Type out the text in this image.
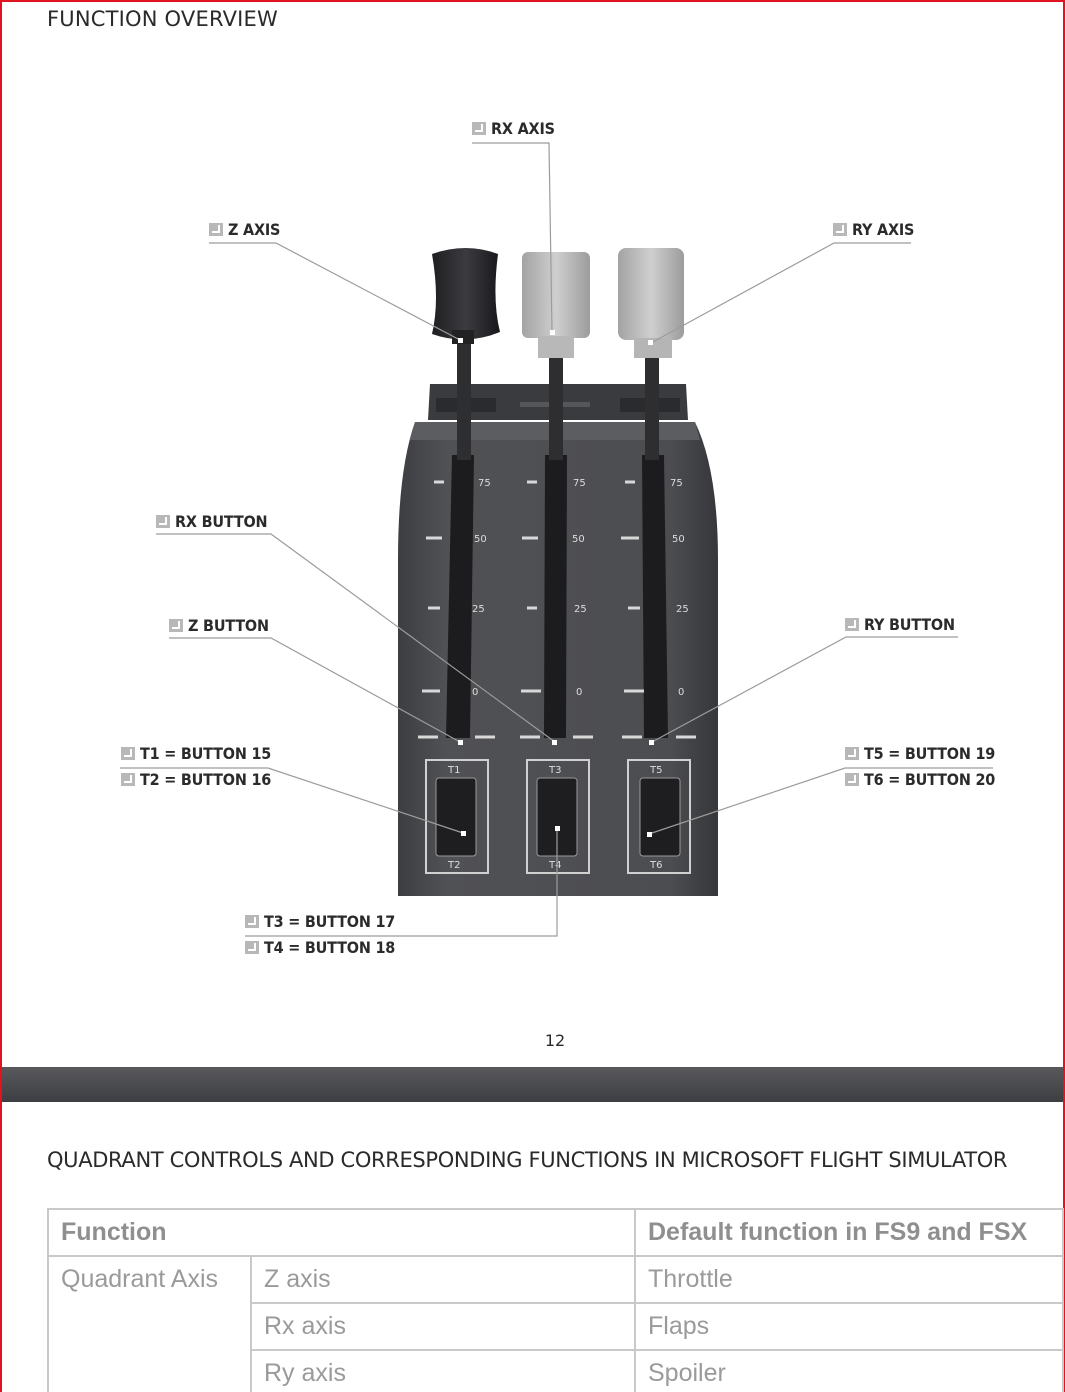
FUNCTION OVERVIEW
75	75	75
50	50	50
25	25	25
0	0	0
T1
T2
T3
T4
T5
T6
RX AXIS
Z AXIS	RY AXIS
RX BUTTON
Z BUTTON	RY BUTTON
T1 = BUTTON 15
T2 = BUTTON 16
T5 = BUTTON 19
T6 = BUTTON 20
T3 = BUTTON 17
T4 = BUTTON 18
12
QUADRANT CONTROLS AND CORRESPONDING FUNCTIONS IN MICROSOFT FLIGHT SIMULATOR
Function		Default function in FS9 and FSX
Quadrant Axis	Z axis	Throttle
	Rx axis	Flaps
	Ry axis	Spoiler
